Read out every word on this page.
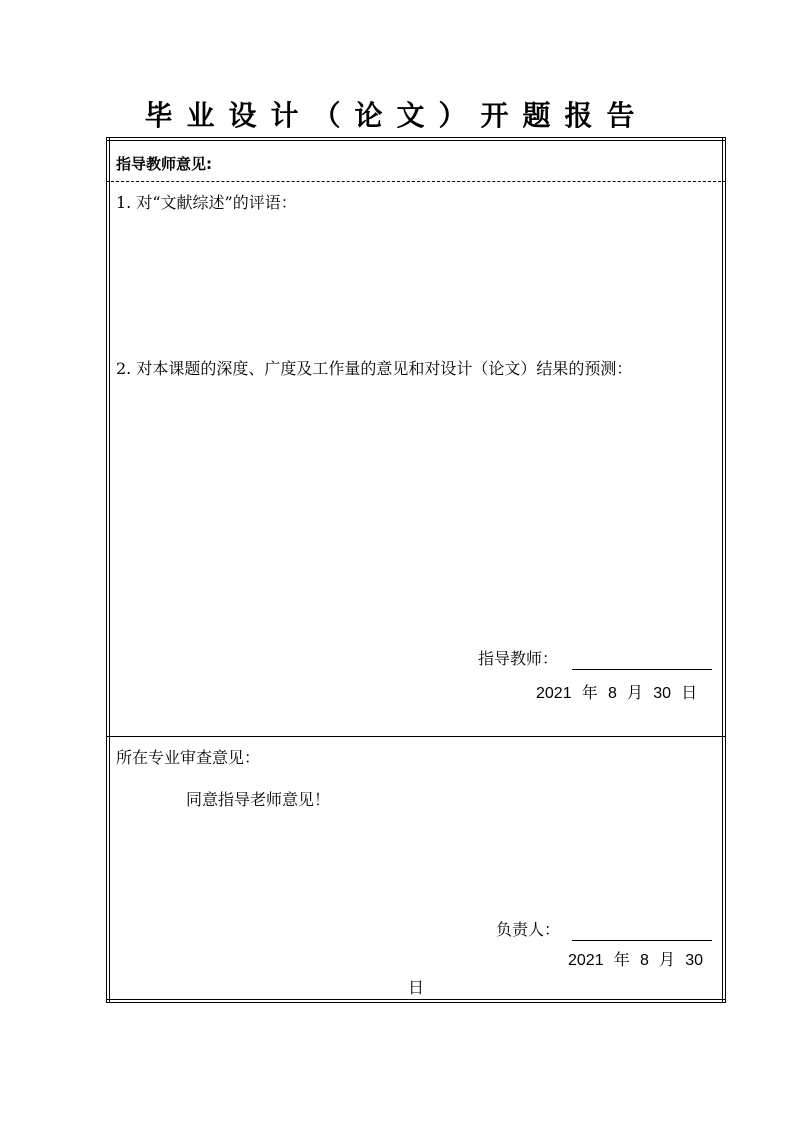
毕业设计（论文）开题报告
指导教师意见:
1. 对“文献综述”的评语：
2. 对本课题的深度、广度及工作量的意见和对设计（论文）结果的预测：
指导教师：
2021 年 8 月 30 日
所在专业审查意见：
同意指导老师意见！
负责人：
2021 年 8 月 30
日
